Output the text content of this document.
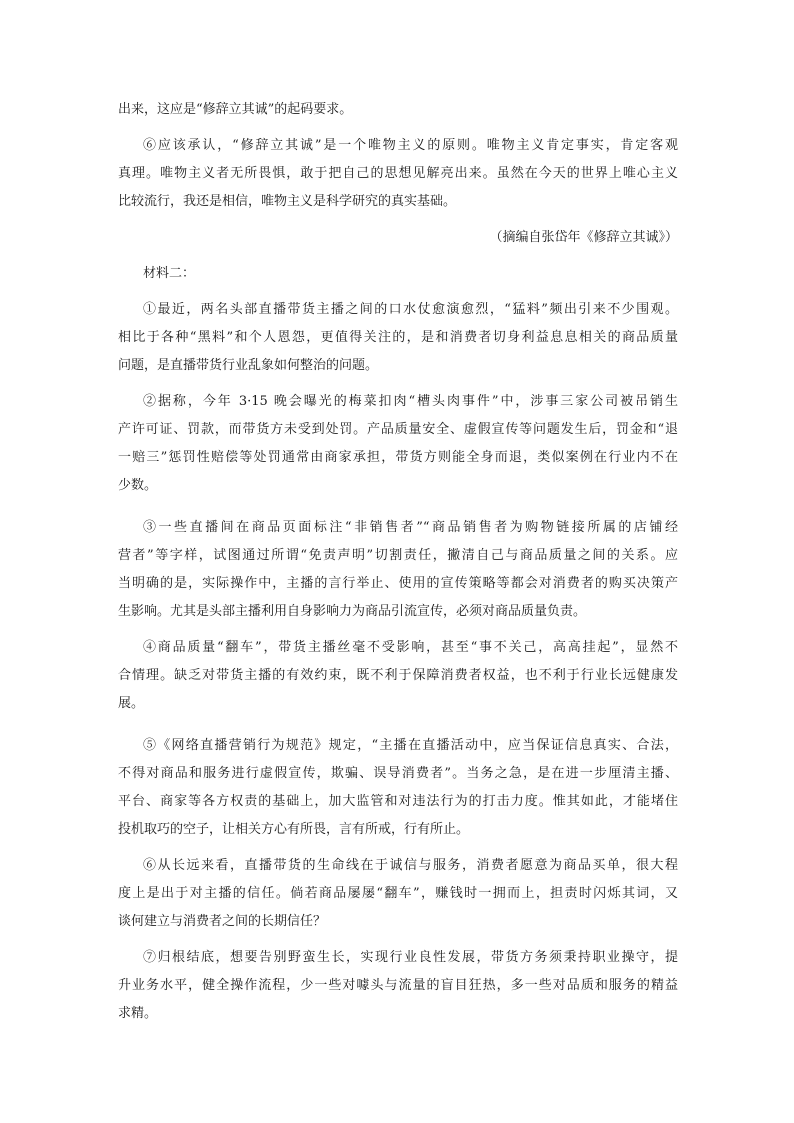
出来，这应是“修辞立其诚”的起码要求。
⑥应该承认，“修辞立其诚”是一个唯物主义的原则。唯物主义肯定事实，肯定客观
真理。唯物主义者无所畏惧，敢于把自己的思想见解亮出来。虽然在今天的世界上唯心主义
比较流行，我还是相信，唯物主义是科学研究的真实基础。
（摘编自张岱年《修辞立其诚》）
材料二：
①最近，两名头部直播带货主播之间的口水仗愈演愈烈，“猛料”频出引来不少围观。
相比于各种“黑料”和个人恩怨，更值得关注的，是和消费者切身利益息息相关的商品质量
问题，是直播带货行业乱象如何整治的问题。
②据称，今年 3·15 晚会曝光的梅菜扣肉“槽头肉事件”中，涉事三家公司被吊销生
产许可证、罚款，而带货方未受到处罚。产品质量安全、虚假宣传等问题发生后，罚金和“退
一赔三”惩罚性赔偿等处罚通常由商家承担，带货方则能全身而退，类似案例在行业内不在
少数。
③一些直播间在商品页面标注“非销售者”“商品销售者为购物链接所属的店铺经
营者”等字样，试图通过所谓“免责声明”切割责任，撇清自己与商品质量之间的关系。应
当明确的是，实际操作中，主播的言行举止、使用的宣传策略等都会对消费者的购买决策产
生影响。尤其是头部主播利用自身影响力为商品引流宣传，必须对商品质量负责。
④商品质量“翻车”，带货主播丝毫不受影响，甚至“事不关己，高高挂起”，显然不
合情理。缺乏对带货主播的有效约束，既不利于保障消费者权益，也不利于行业长远健康发
展。
⑤《网络直播营销行为规范》规定，“主播在直播活动中，应当保证信息真实、合法，
不得对商品和服务进行虚假宣传，欺骗、误导消费者”。当务之急，是在进一步厘清主播、
平台、商家等各方权责的基础上，加大监管和对违法行为的打击力度。惟其如此，才能堵住
投机取巧的空子，让相关方心有所畏，言有所戒，行有所止。
⑥从长远来看，直播带货的生命线在于诚信与服务，消费者愿意为商品买单，很大程
度上是出于对主播的信任。倘若商品屡屡“翻车”，赚钱时一拥而上，担责时闪烁其词，又
谈何建立与消费者之间的长期信任？
⑦归根结底，想要告别野蛮生长，实现行业良性发展，带货方务须秉持职业操守，提
升业务水平，健全操作流程，少一些对噱头与流量的盲目狂热，多一些对品质和服务的精益
求精。
